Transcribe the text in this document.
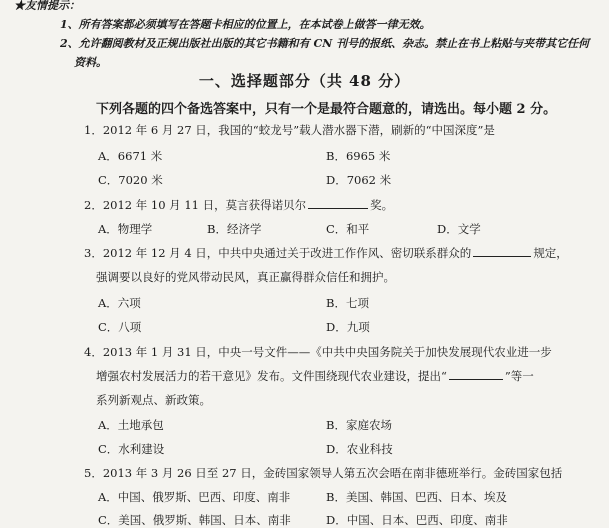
★友情提示：
1、所有答案都必须填写在答题卡相应的位置上，在本试卷上做答一律无效。
2、允许翻阅教材及正规出版社出版的其它书籍和有 CN 刊号的报纸、杂志。禁止在书上粘贴与夹带其它任何资料。
一、选择题部分（共 48 分）
下列各题的四个备选答案中，只有一个是最符合题意的，请选出。每小题 2 分。
1．2012 年 6 月 27 日，我国的“蛟龙号”载人潜水器下潜，刷新的“中国深度”是
A．6671 米	B．6965 米
C．7020 米	D．7062 米
2．2012 年 10 月 11 日，莫言获得诺贝尔	奖。
A．物理学	B．经济学	C．和平	D．文学
3．2012 年 12 月 4 日，中共中央通过关于改进工作作风、密切联系群众的	规定，
强调要以良好的党风带动民风，真正赢得群众信任和拥护。
A．六项	B．七项
C．八项	D．九项
4．2013 年 1 月 31 日，中央一号文件——《中共中央国务院关于加快发展现代农业进一步
增强农村发展活力的若干意见》发布。文件围绕现代农业建设，提出“	”等一
系列新观点、新政策。
A．土地承包	B．家庭农场
C．水利建设	D．农业科技
5．2013 年 3 月 26 日至 27 日，金砖国家领导人第五次会晤在南非德班举行。金砖国家包括
A．中国、俄罗斯、巴西、印度、南非	B．美国、韩国、巴西、日本、埃及
C．美国、俄罗斯、韩国、日本、南非	D．中国、日本、巴西、印度、南非
